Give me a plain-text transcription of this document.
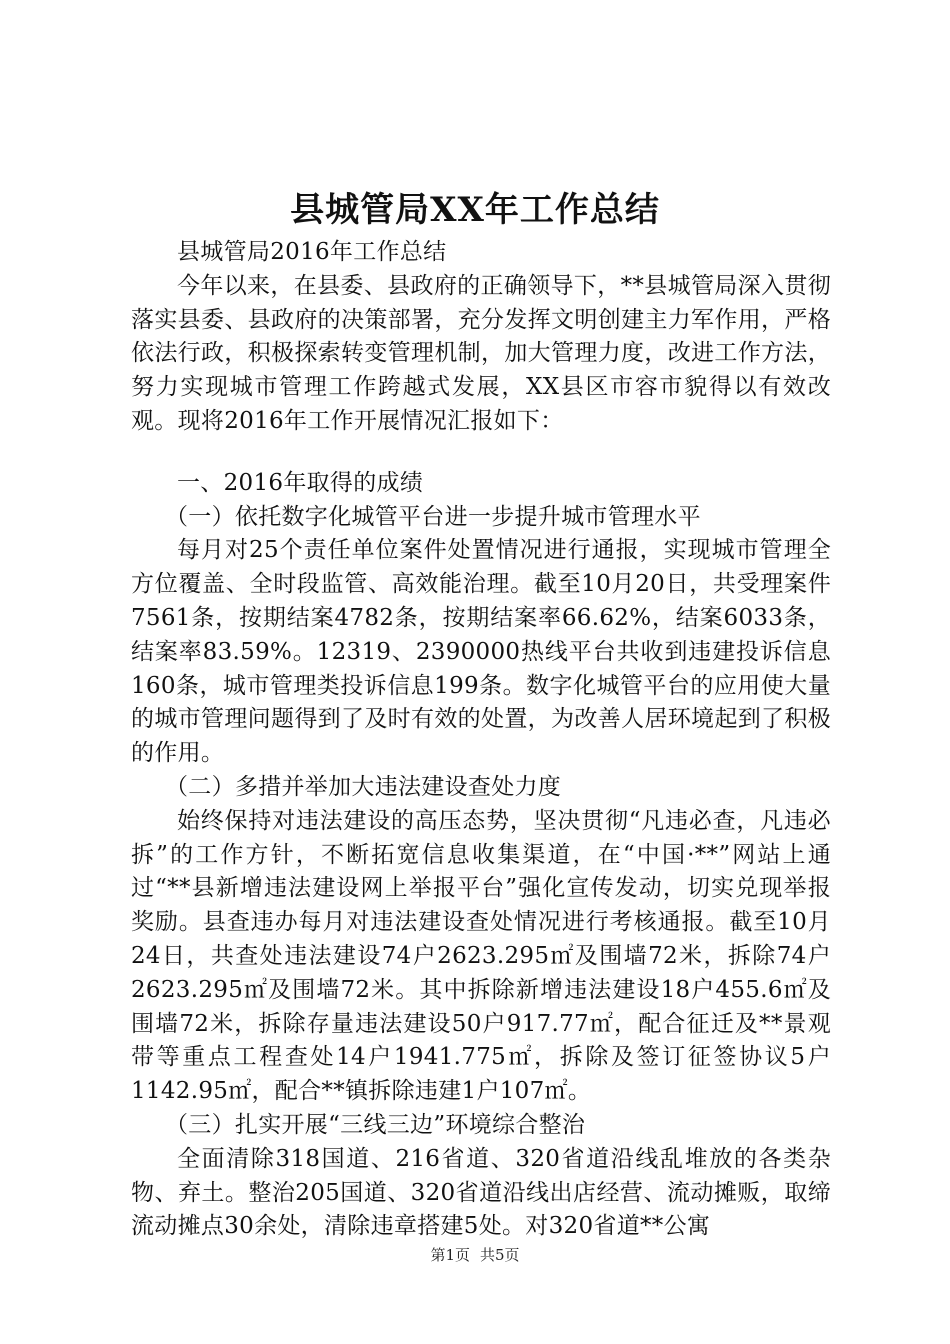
县城管局XX年工作总结

县城管局2016年工作总结

今年以来，在县委、县政府的正确领导下，**县城管局深入贯彻落实县委、县政府的决策部署，充分发挥文明创建主力军作用，严格依法行政，积极探索转变管理机制，加大管理力度，改进工作方法，努力实现城市管理工作跨越式发展，XX县区市容市貌得以有效改观。现将2016年工作开展情况汇报如下：

一、2016年取得的成绩

（一）依托数字化城管平台进一步提升城市管理水平

每月对25个责任单位案件处置情况进行通报，实现城市管理全方位覆盖、全时段监管、高效能治理。截至10月20日，共受理案件7561条，按期结案4782条，按期结案率66.62%，结案6033条，结案率83.59%。12319、2390000热线平台共收到违建投诉信息160条，城市管理类投诉信息199条。数字化城管平台的应用使大量的城市管理问题得到了及时有效的处置，为改善人居环境起到了积极的作用。

（二）多措并举加大违法建设查处力度

始终保持对违法建设的高压态势，坚决贯彻“凡违必查，凡违必拆”的工作方针，不断拓宽信息收集渠道，在“中国·**”网站上通过“**县新增违法建设网上举报平台”强化宣传发动，切实兑现举报奖励。县查违办每月对违法建设查处情况进行考核通报。截至10月24日，共查处违法建设74户2623.295㎡及围墙72米，拆除74户2623.295㎡及围墙72米。其中拆除新增违法建设18户455.6㎡及围墙72米，拆除存量违法建设50户917.77㎡，配合征迁及**景观带等重点工程查处14户1941.775㎡，拆除及签订征签协议5户1142.95㎡，配合**镇拆除违建1户107㎡。

（三）扎实开展“三线三边”环境综合整治

全面清除318国道、216省道、320省道沿线乱堆放的各类杂物、弃土。整治205国道、320省道沿线出店经营、流动摊贩，取缔流动摊点30余处，清除违章搭建5处。对320省道**公寓

第1页 共5页
